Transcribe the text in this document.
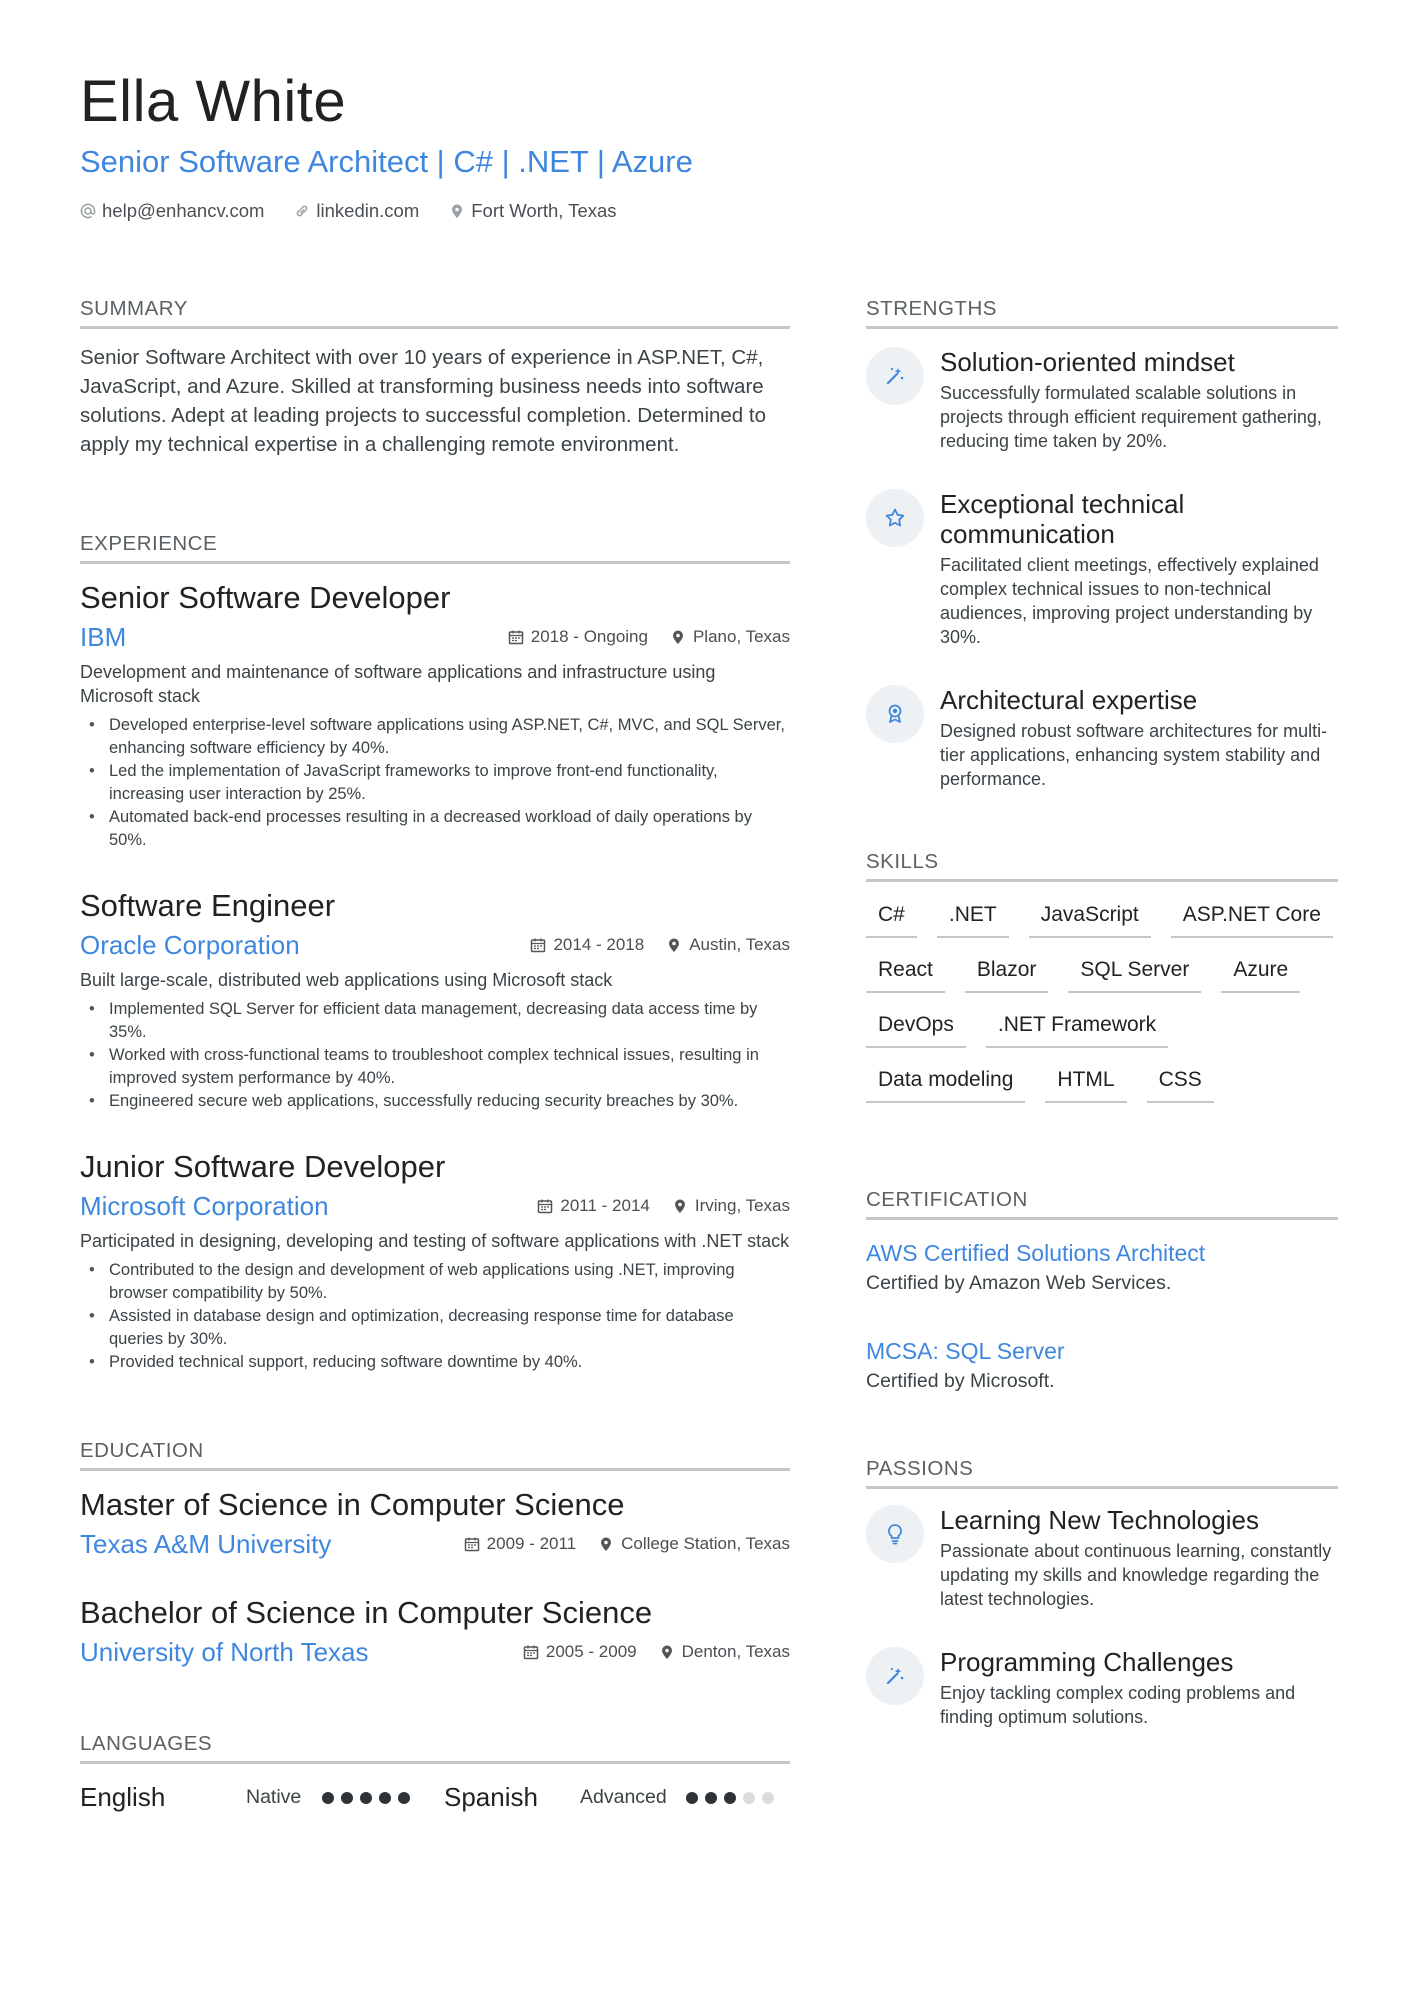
Ella White
Senior Software Architect | C# | .NET | Azure
help@enhancv.com	linkedin.com	Fort Worth, Texas
SUMMARY
Senior Software Architect with over 10 years of experience in ASP.NET, C#, JavaScript, and Azure. Skilled at transforming business needs into software solutions. Adept at leading projects to successful completion. Determined to apply my technical expertise in a challenging remote environment.
EXPERIENCE
Senior Software Developer
IBM	2018 - Ongoing	Plano, Texas
Development and maintenance of software applications and infrastructure using Microsoft stack
• Developed enterprise-level software applications using ASP.NET, C#, MVC, and SQL Server, enhancing software efficiency by 40%.
• Led the implementation of JavaScript frameworks to improve front-end functionality, increasing user interaction by 25%.
• Automated back-end processes resulting in a decreased workload of daily operations by 50%.
Software Engineer
Oracle Corporation	2014 - 2018	Austin, Texas
Built large-scale, distributed web applications using Microsoft stack
• Implemented SQL Server for efficient data management, decreasing data access time by 35%.
• Worked with cross-functional teams to troubleshoot complex technical issues, resulting in improved system performance by 40%.
• Engineered secure web applications, successfully reducing security breaches by 30%.
Junior Software Developer
Microsoft Corporation	2011 - 2014	Irving, Texas
Participated in designing, developing and testing of software applications with .NET stack
• Contributed to the design and development of web applications using .NET, improving browser compatibility by 50%.
• Assisted in database design and optimization, decreasing response time for database queries by 30%.
• Provided technical support, reducing software downtime by 40%.
EDUCATION
Master of Science in Computer Science
Texas A&M University	2009 - 2011	College Station, Texas
Bachelor of Science in Computer Science
University of North Texas	2005 - 2009	Denton, Texas
LANGUAGES
English	Native	Spanish	Advanced
STRENGTHS
Solution-oriented mindset
Successfully formulated scalable solutions in projects through efficient requirement gathering, reducing time taken by 20%.
Exceptional technical communication
Facilitated client meetings, effectively explained complex technical issues to non-technical audiences, improving project understanding by 30%.
Architectural expertise
Designed robust software architectures for multi-tier applications, enhancing system stability and performance.
SKILLS
C#	.NET	JavaScript	ASP.NET Core
React	Blazor	SQL Server	Azure
DevOps	.NET Framework
Data modeling	HTML	CSS
CERTIFICATION
AWS Certified Solutions Architect
Certified by Amazon Web Services.
MCSA: SQL Server
Certified by Microsoft.
PASSIONS
Learning New Technologies
Passionate about continuous learning, constantly updating my skills and knowledge regarding the latest technologies.
Programming Challenges
Enjoy tackling complex coding problems and finding optimum solutions.
